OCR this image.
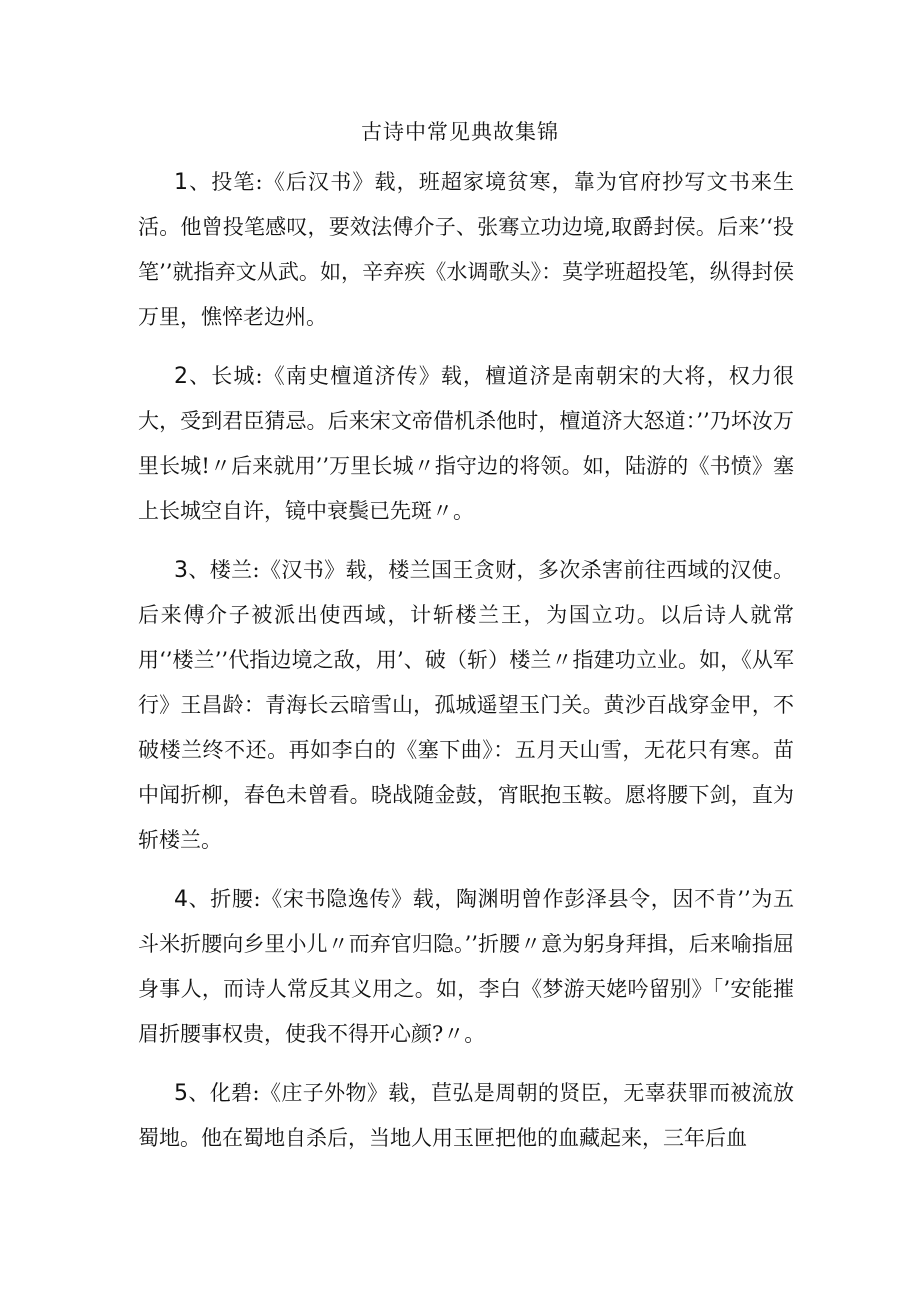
古诗中常见典故集锦

1、投笔:《后汉书》载，班超家境贫寒，靠为官府抄写文书来生活。他曾投笔感叹，要效法傅介子、张骞立功边境,取爵封侯。后来’‘投笔’’就指弃文从武。如，辛弃疾《水调歌头》：莫学班超投笔，纵得封侯万里，憔悴老边州。

2、长城:《南史檀道济传》载，檀道济是南朝宋的大将，权力很大，受到君臣猜忌。后来宋文帝借机杀他时，檀道济大怒道：’’乃坏汝万里长城!〃后来就用’’万里长城〃指守边的将领。如，陆游的《书愤》塞上长城空自许，镜中衰鬓已先斑〃。

3、楼兰:《汉书》载，楼兰国王贪财，多次杀害前往西域的汉使。后来傅介子被派出使西域，计斩楼兰王，为国立功。以后诗人就常用‘’楼兰’’代指边境之敌，用’、破（斩）楼兰〃指建功立业。如，《从军行》王昌龄：青海长云暗雪山，孤城遥望玉门关。黄沙百战穿金甲，不破楼兰终不还。再如李白的《塞下曲》：五月天山雪，无花只有寒。苗中闻折柳，春色未曾看。晓战随金鼓，宵眠抱玉鞍。愿将腰下剑，直为斩楼兰。

4、折腰:《宋书隐逸传》载，陶渊明曾作彭泽县令，因不肯’’为五斗米折腰向乡里小儿〃而弃官归隐。’’折腰〃意为躬身拜揖，后来喻指屈身事人，而诗人常反其义用之。如，李白《梦游天姥吟留别》「’安能摧眉折腰事权贵，使我不得开心颜?〃。

5、化碧:《庄子外物》载，苣弘是周朝的贤臣，无辜获罪而被流放蜀地。他在蜀地自杀后，当地人用玉匣把他的血藏起来，三年后血
